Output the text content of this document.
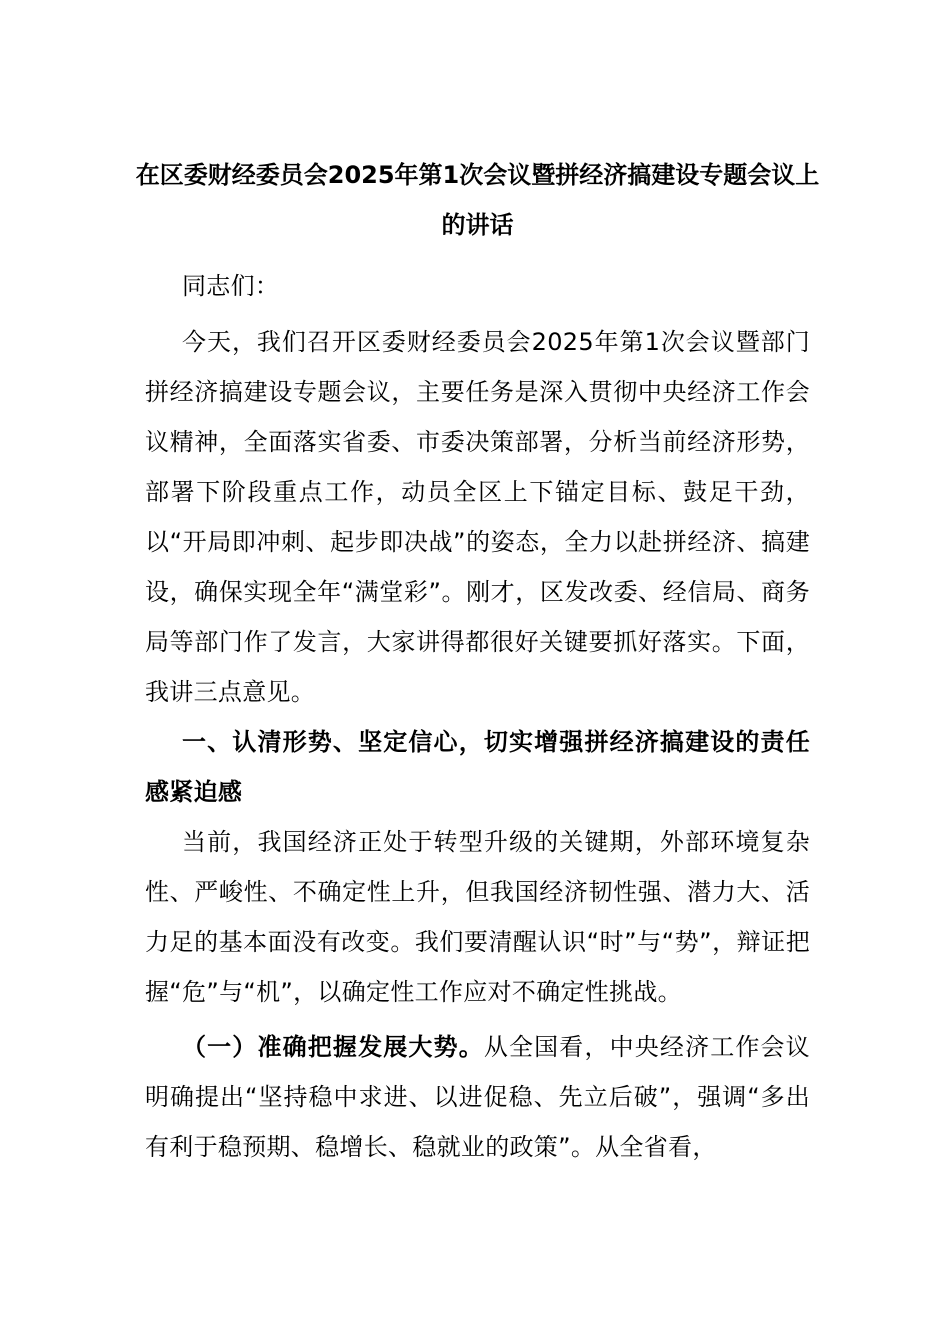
在区委财经委员会2025年第1次会议暨拼经济搞建设专题会议上的讲话

同志们：

今天，我们召开区委财经委员会2025年第1次会议暨部门拼经济搞建设专题会议，主要任务是深入贯彻中央经济工作会议精神，全面落实省委、市委决策部署，分析当前经济形势，部署下阶段重点工作，动员全区上下锚定目标、鼓足干劲，以“开局即冲刺、起步即决战”的姿态，全力以赴拼经济、搞建设，确保实现全年“满堂彩”。刚才，区发改委、经信局、商务局等部门作了发言，大家讲得都很好关键要抓好落实。下面，我讲三点意见。

一、认清形势、坚定信心，切实增强拼经济搞建设的责任感紧迫感

当前，我国经济正处于转型升级的关键期，外部环境复杂性、严峻性、不确定性上升，但我国经济韧性强、潜力大、活力足的基本面没有改变。我们要清醒认识“时”与“势”，辩证把握“危”与“机”，以确定性工作应对不确定性挑战。

（一）准确把握发展大势。从全国看，中央经济工作会议明确提出“坚持稳中求进、以进促稳、先立后破”，强调“多出有利于稳预期、稳增长、稳就业的政策”。从全省看，
